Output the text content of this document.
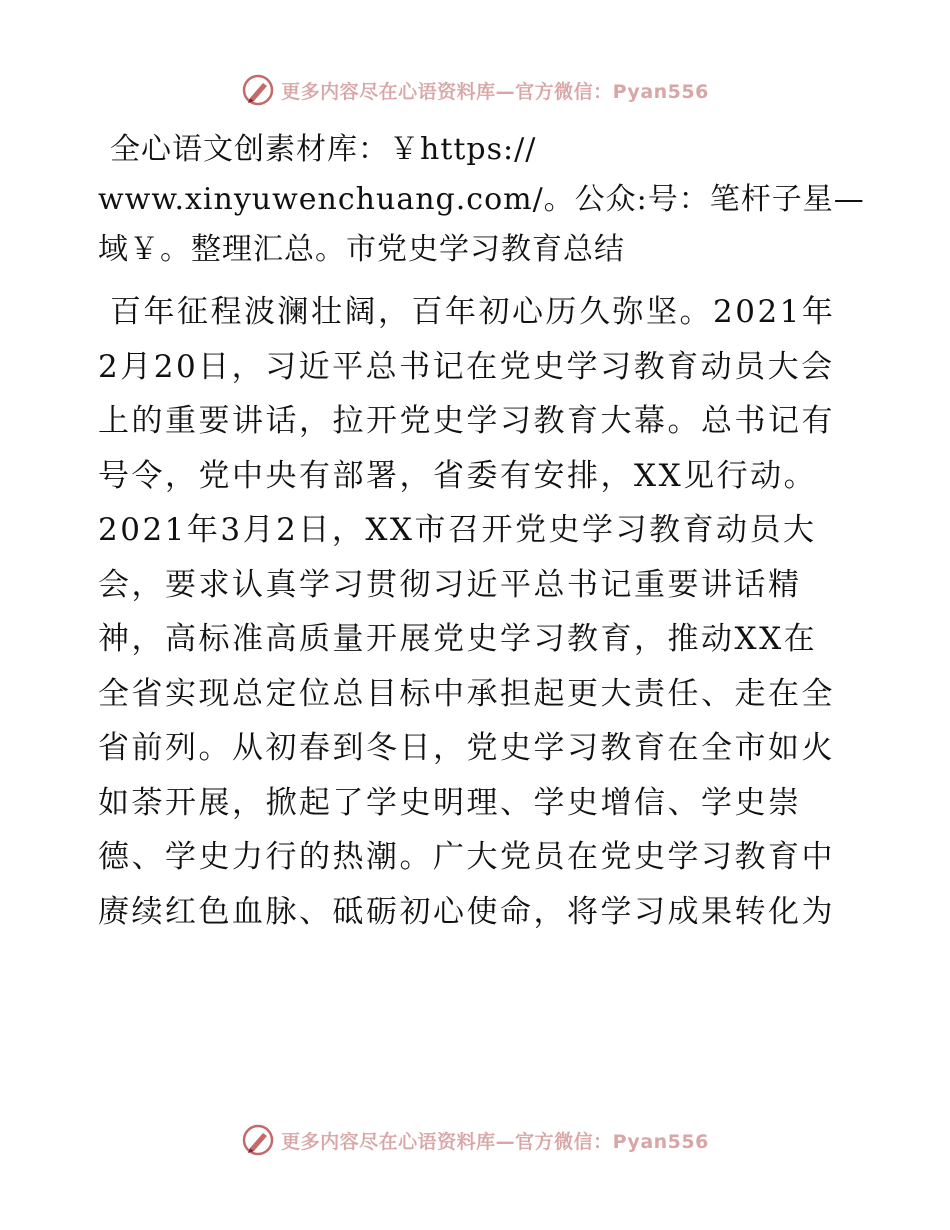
更多内容尽在心语资料库—官方微信：Pyan556

全心语文创素材库：￥https://
www.xinyuwenchuang.com/。公众:号：笔杆子星—
域￥。整理汇总。市党史学习教育总结

百年征程波澜壮阔，百年初心历久弥坚。2021年
2月20日，习近平总书记在党史学习教育动员大会
上的重要讲话，拉开党史学习教育大幕。总书记有
号令，党中央有部署，省委有安排，XX见行动。
2021年3月2日，XX市召开党史学习教育动员大
会，要求认真学习贯彻习近平总书记重要讲话精
神，高标准高质量开展党史学习教育，推动XX在
全省实现总定位总目标中承担起更大责任、走在全
省前列。从初春到冬日，党史学习教育在全市如火
如荼开展，掀起了学史明理、学史增信、学史崇
德、学史力行的热潮。广大党员在党史学习教育中
赓续红色血脉、砥砺初心使命，将学习成果转化为

更多内容尽在心语资料库—官方微信：Pyan556
